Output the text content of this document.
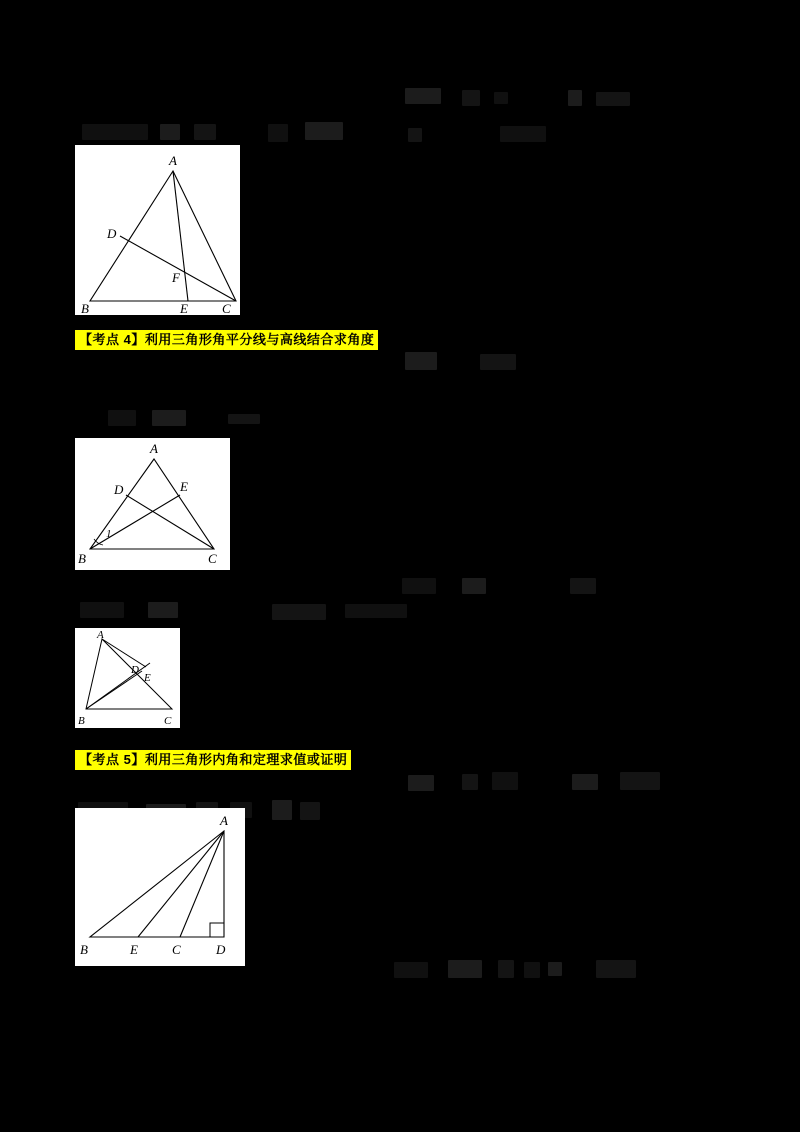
A
D
F
B	E	C
【考点 4】利用三角形角平分线与高线结合求角度
A
D	E
1
B	C
A
D
E
B	C
【考点 5】利用三角形内角和定理求值或证明
A
B	E	C	D
